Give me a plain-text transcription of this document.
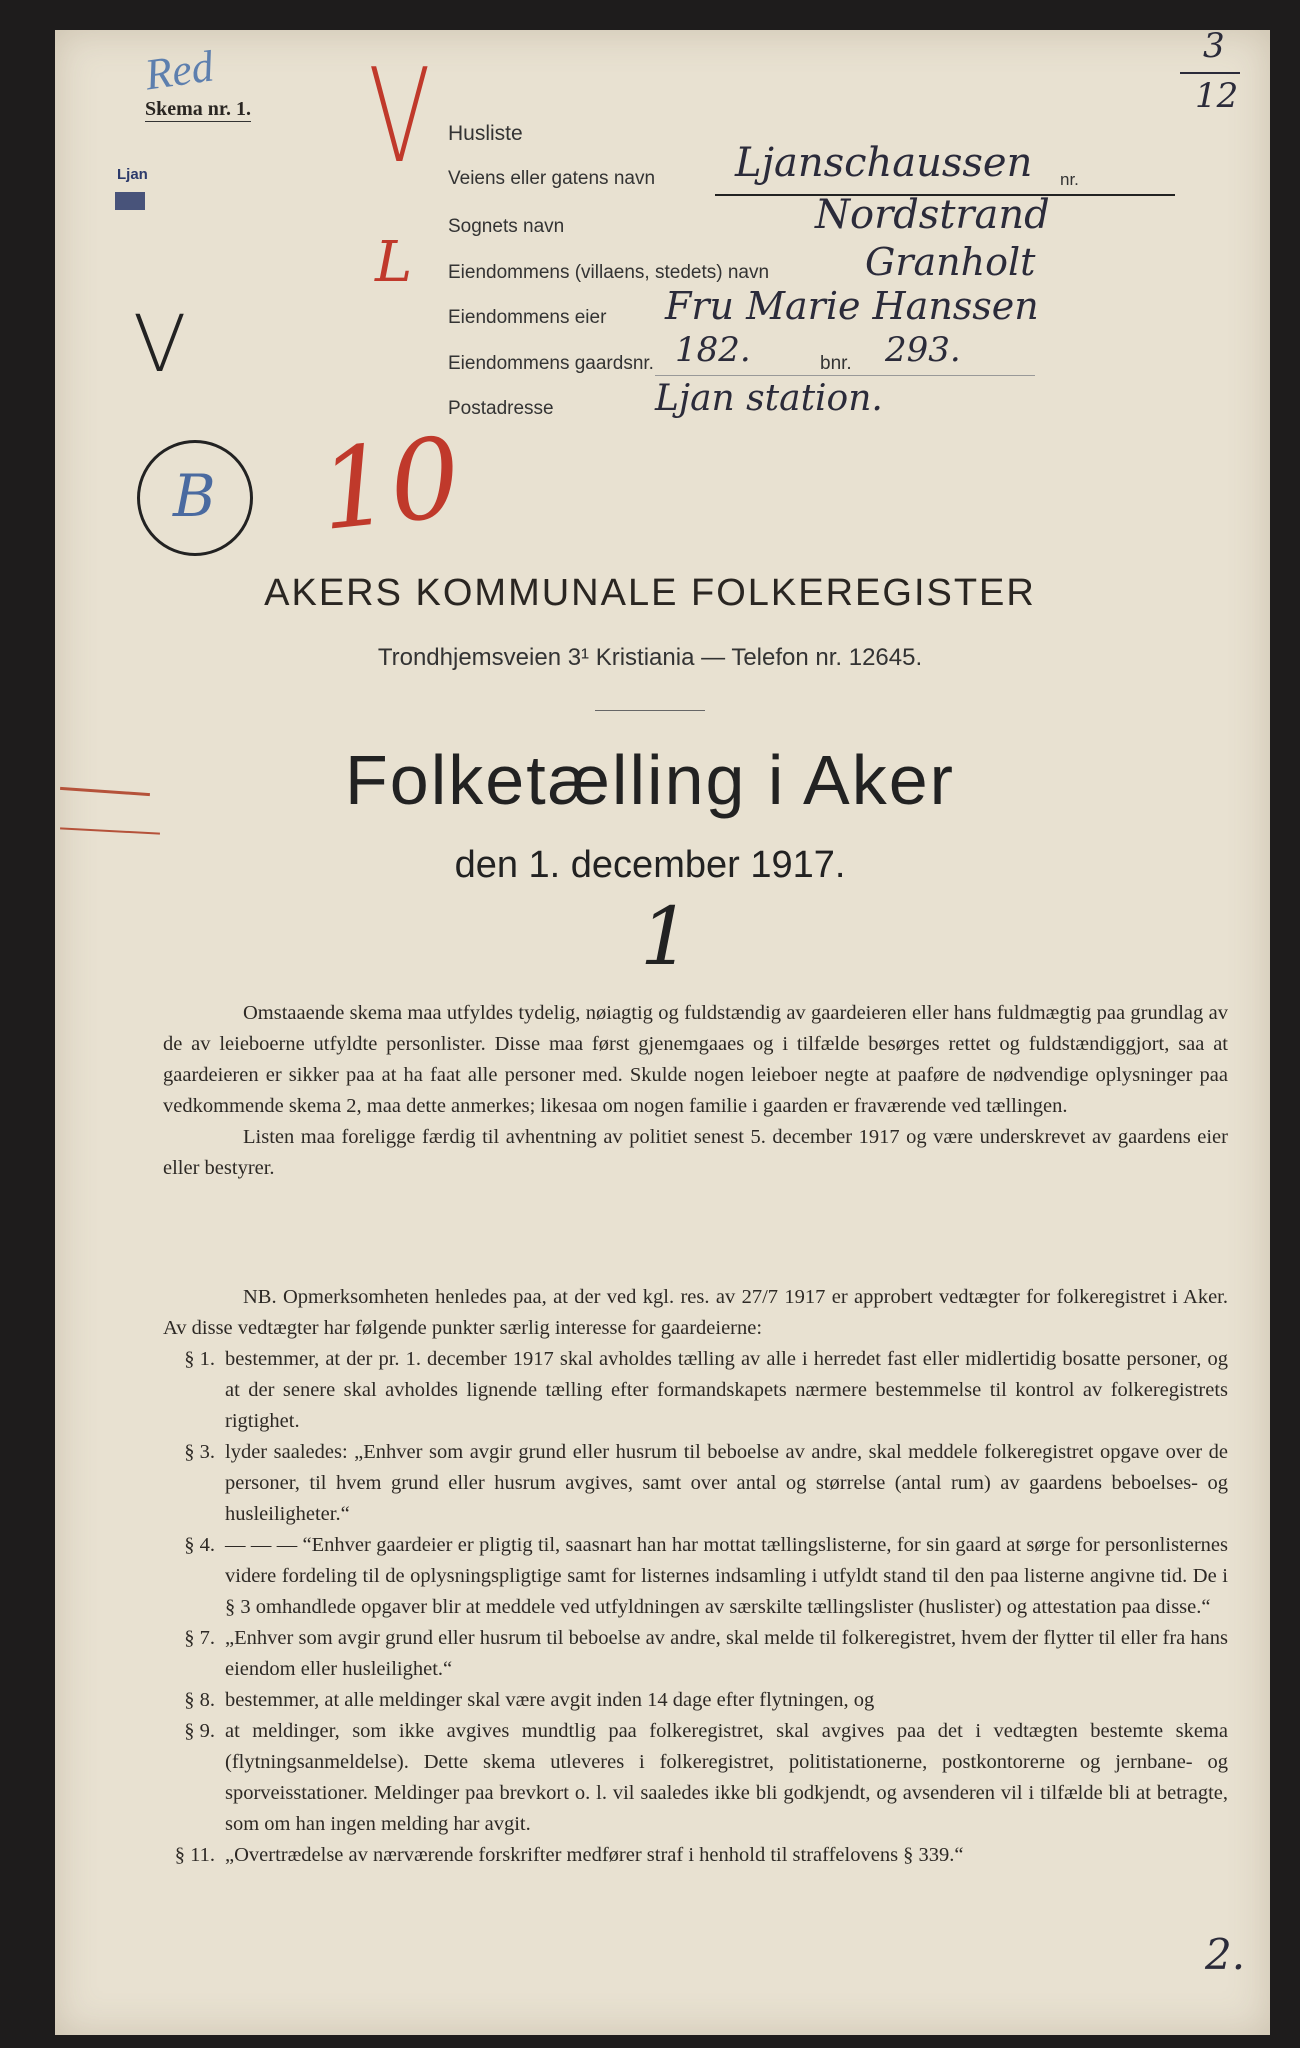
Red
Skema nr. 1.
Ljan
3
12
V
L
10
V
B
Husliste
Veiens eller gatens navn Ljanschaussen nr.
Sognets navn	Nordstrand
Eiendommens (villaens, stedets) navn	Granholt
Eiendommens eier Fru Marie Hanssen
Eiendommens gaardsnr. 182.	bnr. 293.
Postadresse	Ljan station.
AKERS KOMMUNALE FOLKEREGISTER
Trondhjemsveien 3¹ Kristiania — Telefon nr. 12645.
Folketælling i Aker
den 1. december 1917.
1

Omstaaende skema maa utfyldes tydelig, nøiagtig og fuldstændig av gaardeieren eller hans fuldmægtig paa grundlag av de av leieboerne utfyldte personlister. Disse maa først gjenemgaaes og i tilfælde besørges rettet og fuldstændiggjort, saa at gaardeieren er sikker paa at ha faat alle personer med. Skulde nogen leieboer negte at paaføre de nødvendige oplysninger paa vedkommende skema 2, maa dette anmerkes; likesaa om nogen familie i gaarden er fraværende ved tællingen.

Listen maa foreligge færdig til avhentning av politiet senest 5. december 1917 og være underskrevet av gaardens eier eller bestyrer.

NB. Opmerksomheten henledes paa, at der ved kgl. res. av 27/7 1917 er approbert vedtægter for folkeregistret i Aker. Av disse vedtægter har følgende punkter særlig interesse for gaardeierne:

§ 1. bestemmer, at der pr. 1. december 1917 skal avholdes tælling av alle i herredet fast eller midlertidig bosatte personer, og at der senere skal avholdes lignende tælling efter formandskapets nærmere bestemmelse til kontrol av folkeregistrets rigtighet.
§ 3. lyder saaledes: „Enhver som avgir grund eller husrum til beboelse av andre, skal meddele folkeregistret opgave over de personer, til hvem grund eller husrum avgives, samt over antal og størrelse (antal rum) av gaardens beboelses- og husleiligheter.“
§ 4. — — — “Enhver gaardeier er pligtig til, saasnart han har mottat tællingslisterne, for sin gaard at sørge for personlisternes videre fordeling til de oplysningspligtige samt for listernes indsamling i utfyldt stand til den paa listerne angivne tid. De i § 3 omhandlede opgaver blir at meddele ved utfyldningen av særskilte tællingslister (huslister) og attestation paa disse.“
§ 7. „Enhver som avgir grund eller husrum til beboelse av andre, skal melde til folkeregistret, hvem der flytter til eller fra hans eiendom eller husleilighet.“
§ 8. bestemmer, at alle meldinger skal være avgit inden 14 dage efter flytningen, og
§ 9. at meldinger, som ikke avgives mundtlig paa folkeregistret, skal avgives paa det i vedtægten bestemte skema (flytningsanmeldelse). Dette skema utleveres i folkeregistret, politistationerne, postkontorerne og jernbane- og sporveisstationer. Meldinger paa brevkort o. l. vil saaledes ikke bli godkjendt, og avsenderen vil i tilfælde bli at betragte, som om han ingen melding har avgit.
§ 11. „Overtrædelse av nærværende forskrifter medfører straf i henhold til straffelovens § 339.“
2.
